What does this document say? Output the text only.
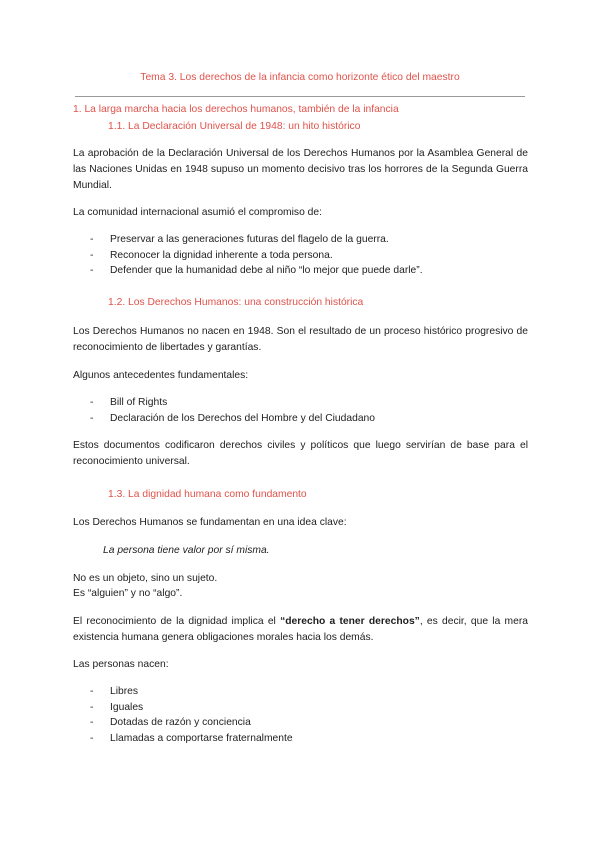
Tema 3. Los derechos de la infancia como horizonte ético del maestro
1. La larga marcha hacia los derechos humanos, también de la infancia
1.1. La Declaración Universal de 1948: un hito histórico
La aprobación de la Declaración Universal de los Derechos Humanos por la Asamblea General de las Naciones Unidas en 1948 supuso un momento decisivo tras los horrores de la Segunda Guerra Mundial.
La comunidad internacional asumió el compromiso de:
- Preservar a las generaciones futuras del flagelo de la guerra.
- Reconocer la dignidad inherente a toda persona.
- Defender que la humanidad debe al niño “lo mejor que puede darle”.
1.2. Los Derechos Humanos: una construcción histórica
Los Derechos Humanos no nacen en 1948. Son el resultado de un proceso histórico progresivo de reconocimiento de libertades y garantías.
Algunos antecedentes fundamentales:
- Bill of Rights
- Declaración de los Derechos del Hombre y del Ciudadano
Estos documentos codificaron derechos civiles y políticos que luego servirían de base para el reconocimiento universal.
1.3. La dignidad humana como fundamento
Los Derechos Humanos se fundamentan en una idea clave:
La persona tiene valor por sí misma.
No es un objeto, sino un sujeto.
Es “alguien” y no “algo”.
El reconocimiento de la dignidad implica el “derecho a tener derechos”, es decir, que la mera existencia humana genera obligaciones morales hacia los demás.
Las personas nacen:
- Libres
- Iguales
- Dotadas de razón y conciencia
- Llamadas a comportarse fraternalmente
